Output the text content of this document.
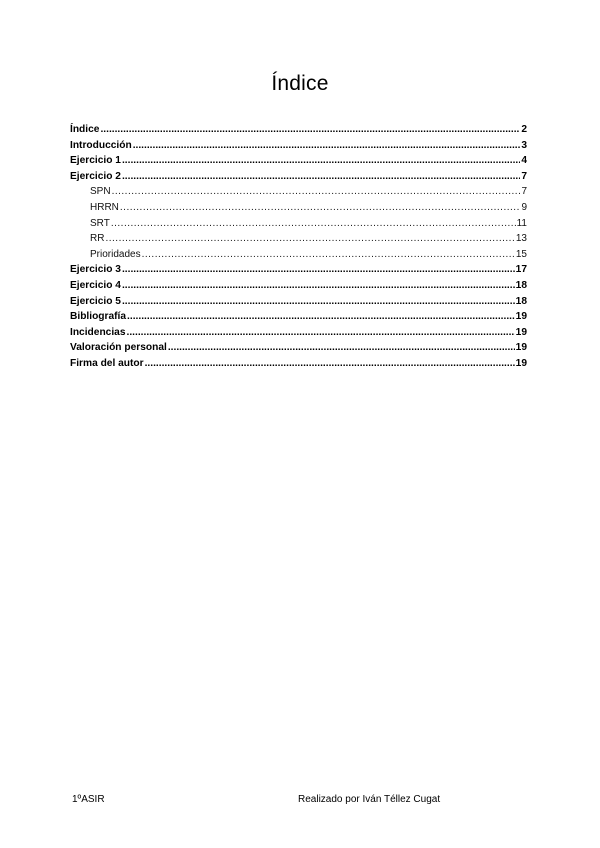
Índice
Índice .....	2
Introducción .....	3
Ejercicio 1 .....	4
Ejercicio 2 .....	7
SPN .....	7
HRRN .....	9
SRT .....	11
RR .....	13
Prioridades .....	15
Ejercicio 3 .....	17
Ejercicio 4 .....	18
Ejercicio 5 .....	18
Bibliografía .....	19
Incidencias .....	19
Valoración personal .....	19
Firma del autor .....	19
1ºASIR	Realizado por Iván Téllez Cugat
